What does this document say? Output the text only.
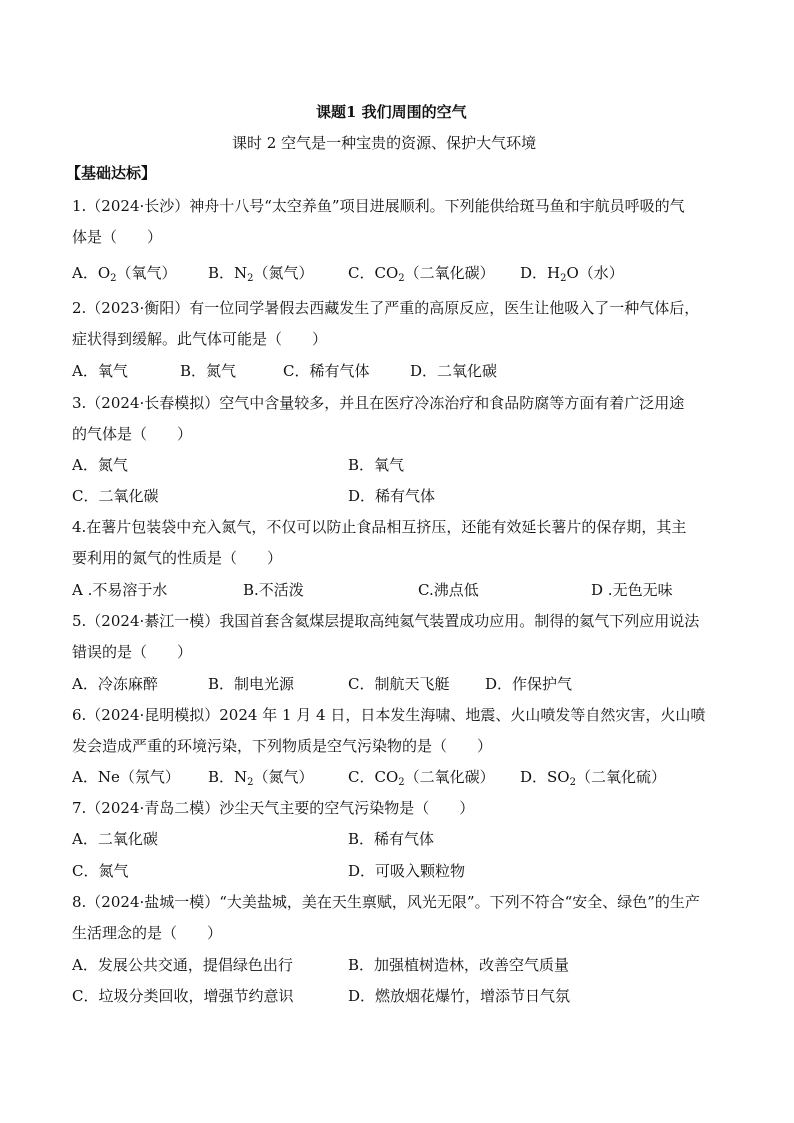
课题1 我们周围的空气
课时 2 空气是一种宝贵的资源、保护大气环境
【基础达标】
1.（2024·长沙）神舟十八号“太空养鱼”项目进展顺利。下列能供给斑马鱼和宇航员呼吸的气
体是（　　）
A．$O_2$（氧气） B．$N_2$（氮气） C．$CO_2$（二氧化碳） D．$H_2O$（水）
2.（2023·衡阳）有一位同学暑假去西藏发生了严重的高原反应，医生让他吸入了一种气体后，
症状得到缓解。此气体可能是（　　）
A．氧气	B．氮气	C．稀有气体	D．二氧化碳
3.（2024·长春模拟）空气中含量较多，并且在医疗冷冻治疗和食品防腐等方面有着广泛用途
的气体是（　　）
A．氮气	B．氧气
C．二氧化碳	D．稀有气体
4.在薯片包装袋中充入氮气，不仅可以防止食品相互挤压，还能有效延长薯片的保存期，其主
要利用的氮气的性质是（　　）
A .不易溶于水	B.不活泼	C.沸点低	D .无色无味
5.（2024·綦江一模）我国首套含氦煤层提取高纯氦气装置成功应用。制得的氦气下列应用说法
错误的是（　　）
A．冷冻麻醉	B．制电光源	C．制航天飞艇 D．作保护气
6.（2024·昆明模拟）2024 年 1 月 4 日，日本发生海啸、地震、火山喷发等自然灾害，火山喷
发会造成严重的环境污染，下列物质是空气污染物的是（　　）
A．Ne（氖气） B．$N_2$（氮气） C．$CO_2$（二氧化碳） D．$SO_2$（二氧化硫）
7.（2024·青岛二模）沙尘天气主要的空气污染物是（　　）
A．二氧化碳	B．稀有气体
C．氮气	D．可吸入颗粒物
8.（2024·盐城一模）“大美盐城，美在天生禀赋，风光无限”。下列不符合“安全、绿色”的生产
生活理念的是（　　）
A．发展公共交通，提倡绿色出行	B．加强植树造林，改善空气质量
C．垃圾分类回收，增强节约意识	D．燃放烟花爆竹，增添节日气氛
